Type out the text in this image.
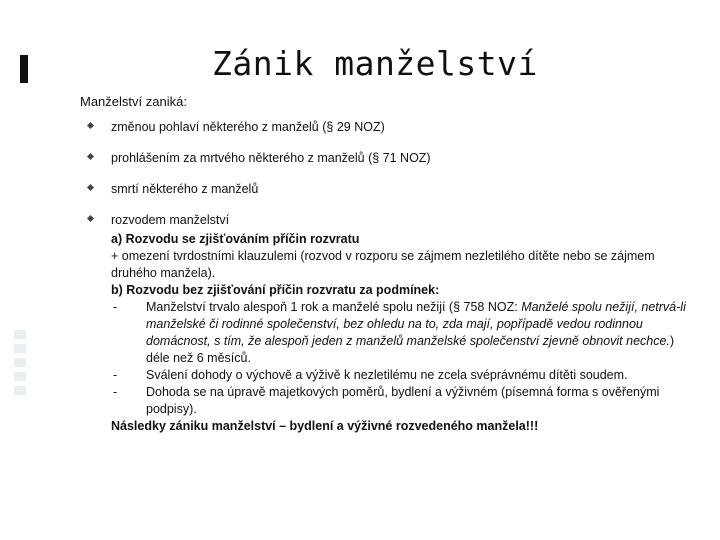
Zánik manželství

Manželství zaniká:

změnou pohlaví některého z manželů (§ 29 NOZ)
prohlášením za mrtvého některého z manželů (§ 71 NOZ)
smrtí některého z manželů
rozvodem manželství
a) Rozvodu se zjišťováním příčin rozvratu
+ omezení tvrdostními klauzulemi (rozvod v rozporu se zájmem nezletilého dítěte nebo se zájmem druhého manžela).
b) Rozvodu bez zjišťování příčin rozvratu za podmínek:
- Manželství trvalo alespoň 1 rok a manželé spolu nežijí (§ 758 NOZ: Manželé spolu nežijí, netrvá-li manželské či rodinné společenství, bez ohledu na to, zda mají, popřípadě vedou rodinnou domácnost, s tím, že alespoň jeden z manželů manželské společenství zjevně obnovit nechce.) déle než 6 měsíců.
- Sválení dohody o výchově a výživě k nezletilému ne zcela svéprávnému dítěti soudem.
- Dohoda se na úpravě majetkových poměrů, bydlení a výživném (písemná forma s ověřenými podpisy).
Následky zániku manželství – bydlení a výživné rozvedeného manžela!!!
